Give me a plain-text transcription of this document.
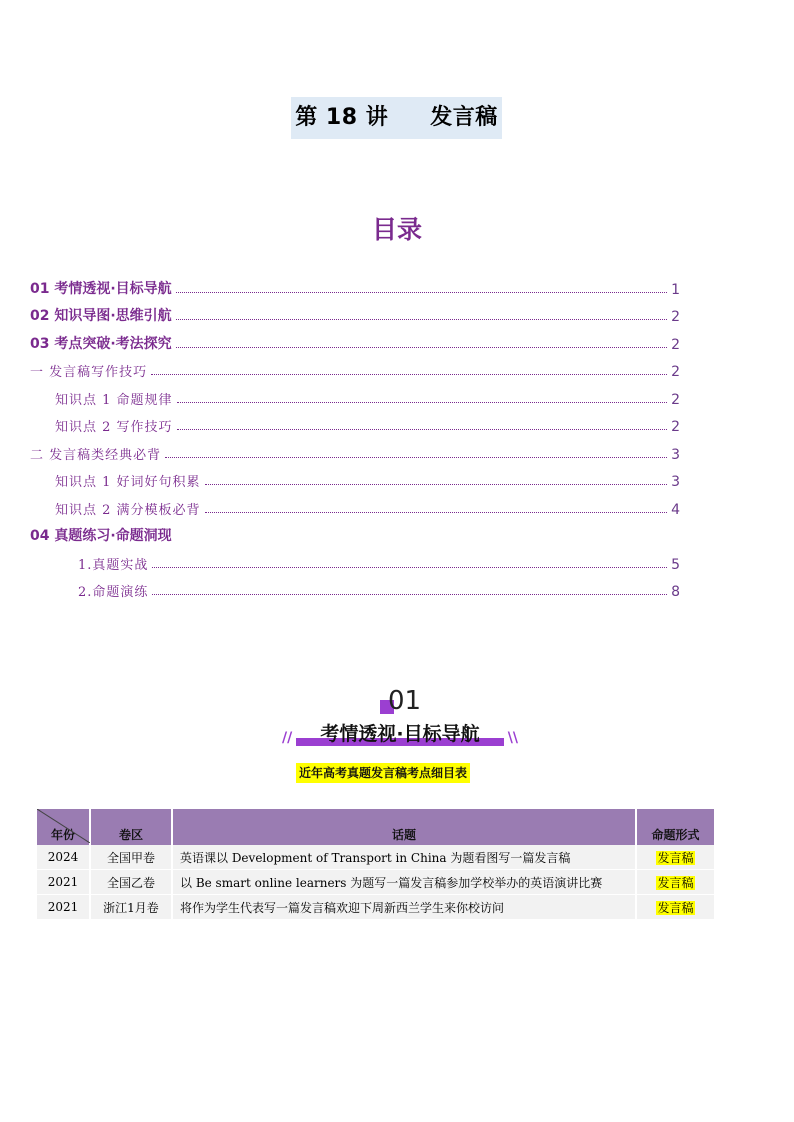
第 18 讲 发言稿
目录
01 考情透视·目标导航	1
02 知识导图·思维引航	2
03 考点突破·考法探究	2
一 发言稿写作技巧	2
知识点 1 命题规律	2
知识点 2 写作技巧	2
二 发言稿类经典必背	3
知识点 1 好词好句积累	3
知识点 2 满分模板必背	4
04 真题练习·命题洞现
1.真题实战	5
2.命题演练	8
01
//	\\
考情透视·目标导航
近年高考真题发言稿考点细目表
年份	卷区	话题	命题形式
2024	全国甲卷	英语课以 Development of Transport in China 为题看图写一篇发言稿	发言稿
2021	全国乙卷	以 Be smart online learners 为题写一篇发言稿参加学校举办的英语演讲比赛	发言稿
2021	浙江1月卷	将作为学生代表写一篇发言稿欢迎下周新西兰学生来你校访问	发言稿
